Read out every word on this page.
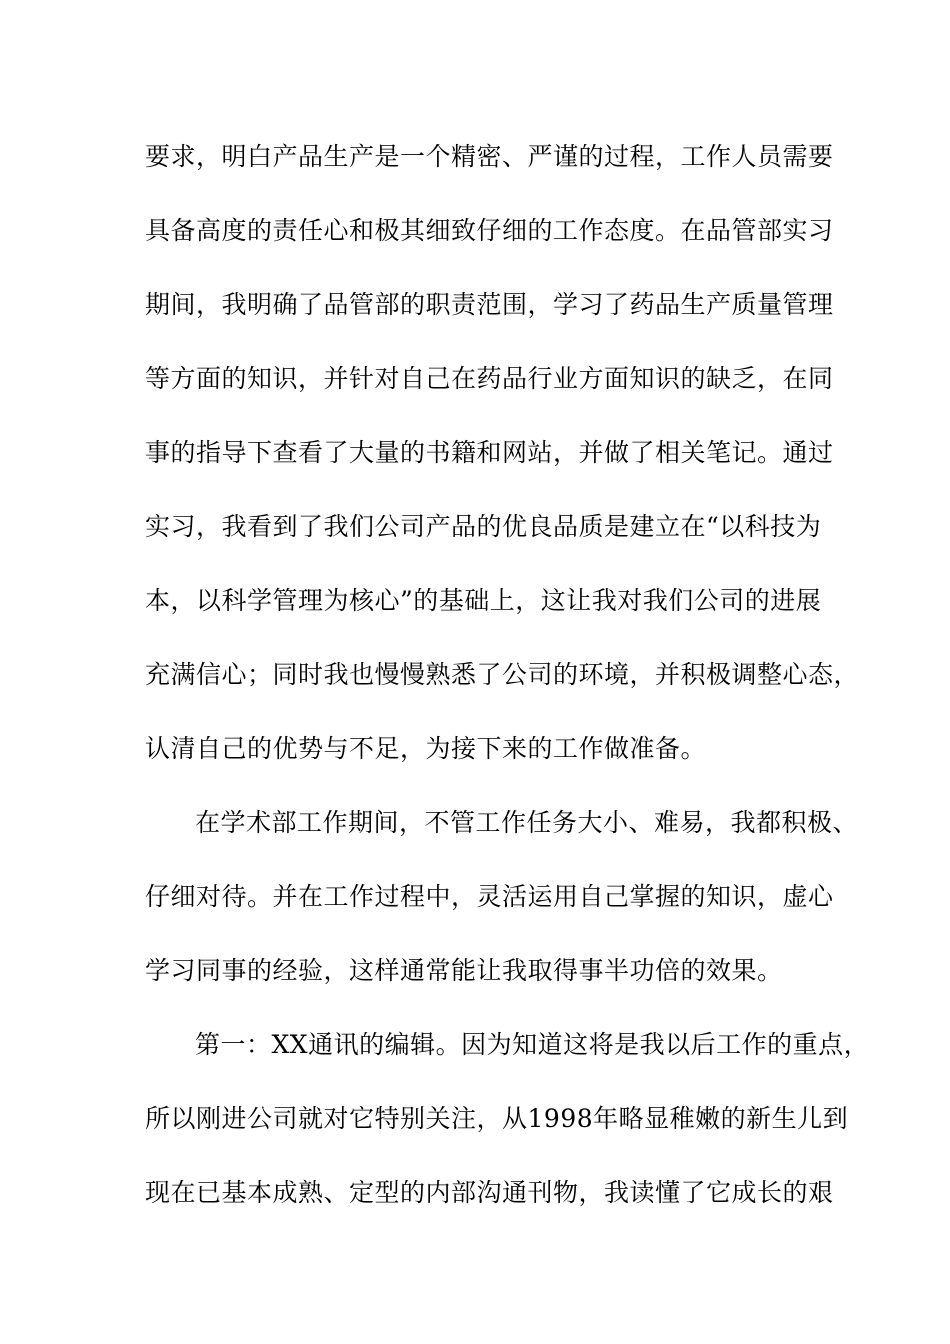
要求，明白产品生产是一个精密、严谨的过程，工作人员需要
具备高度的责任心和极其细致仔细的工作态度。在品管部实习
期间，我明确了品管部的职责范围，学习了药品生产质量管理
等方面的知识，并针对自己在药品行业方面知识的缺乏，在同
事的指导下查看了大量的书籍和网站，并做了相关笔记。通过
实习，我看到了我们公司产品的优良品质是建立在“以科技为
本，以科学管理为核心”的基础上，这让我对我们公司的进展
充满信心；同时我也慢慢熟悉了公司的环境，并积极调整心态，
认清自己的优势与不足，为接下来的工作做准备。
在学术部工作期间，不管工作任务大小、难易，我都积极、
仔细对待。并在工作过程中，灵活运用自己掌握的知识，虚心
学习同事的经验，这样通常能让我取得事半功倍的效果。
第一：XX通讯的编辑。因为知道这将是我以后工作的重点，
所以刚进公司就对它特别关注，从1998年略显稚嫩的新生儿到
现在已基本成熟、定型的内部沟通刊物，我读懂了它成长的艰
